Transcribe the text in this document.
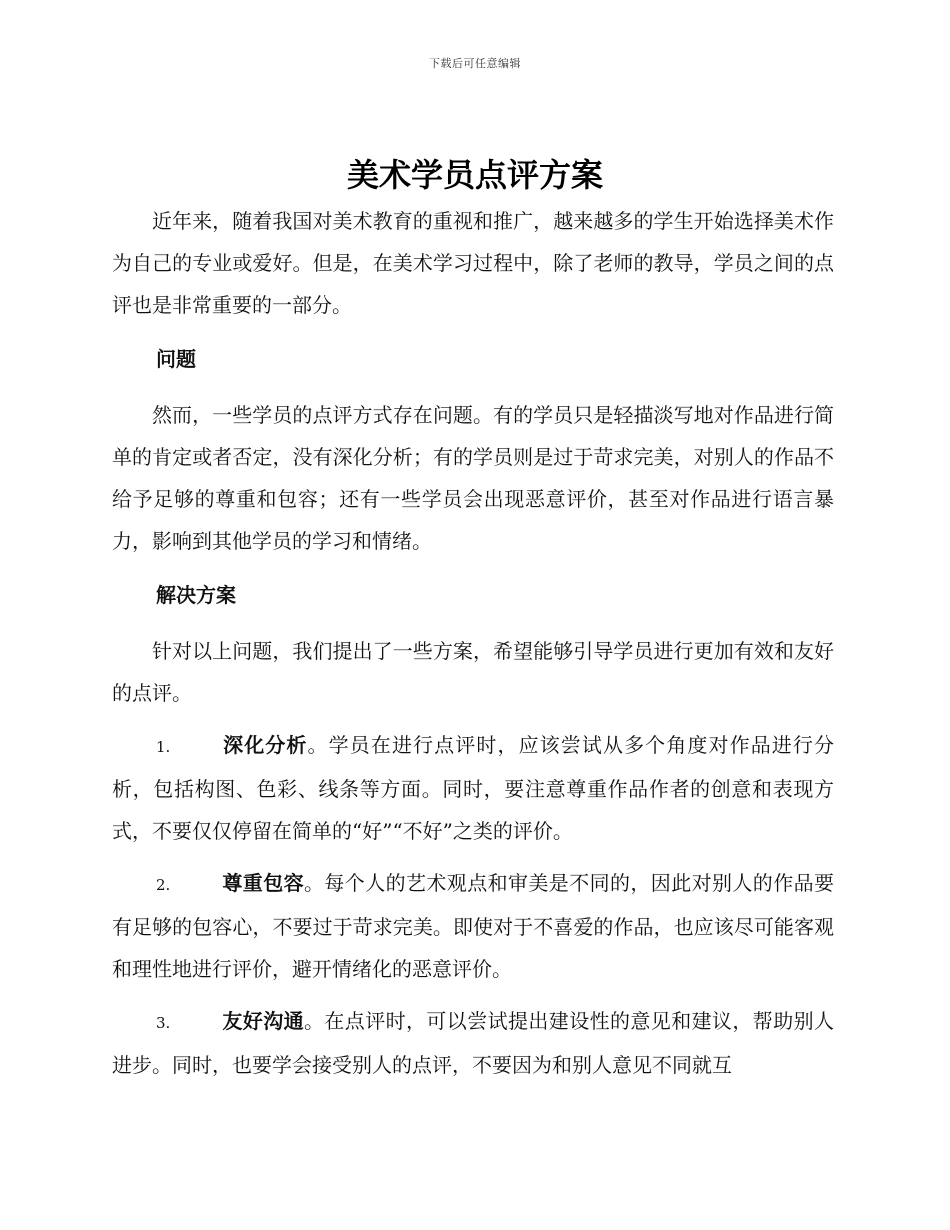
下载后可任意编辑
美术学员点评方案

近年来，随着我国对美术教育的重视和推广，越来越多的学生开始选择美术作为自己的专业或爱好。但是，在美术学习过程中，除了老师的教导，学员之间的点评也是非常重要的一部分。

问题

然而，一些学员的点评方式存在问题。有的学员只是轻描淡写地对作品进行简单的肯定或者否定，没有深化分析；有的学员则是过于苛求完美，对别人的作品不给予足够的尊重和包容；还有一些学员会出现恶意评价，甚至对作品进行语言暴力，影响到其他学员的学习和情绪。

解决方案

针对以上问题，我们提出了一些方案，希望能够引导学员进行更加有效和友好的点评。

1.	深化分析。学员在进行点评时，应该尝试从多个角度对作品进行分析，包括构图、色彩、线条等方面。同时，要注意尊重作品作者的创意和表现方式，不要仅仅停留在简单的“好”“不好”之类的评价。

2.	尊重包容。每个人的艺术观点和审美是不同的，因此对别人的作品要有足够的包容心，不要过于苛求完美。即使对于不喜爱的作品，也应该尽可能客观和理性地进行评价，避开情绪化的恶意评价。

3.	友好沟通。在点评时，可以尝试提出建设性的意见和建议，帮助别人进步。同时，也要学会接受别人的点评，不要因为和别人意见不同就互
